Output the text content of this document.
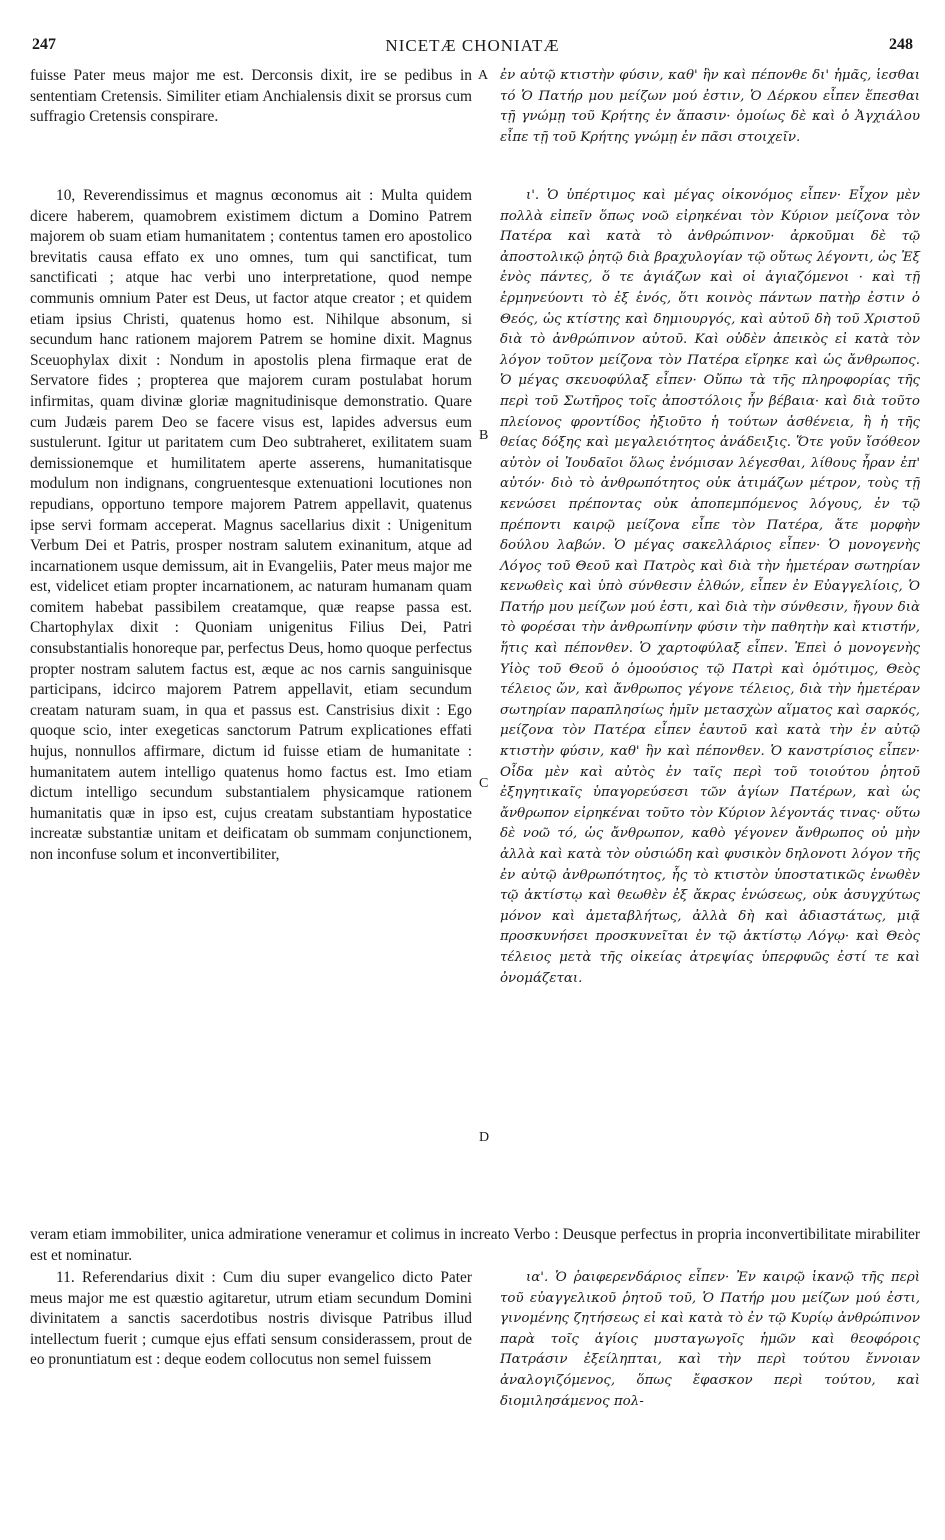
247	NICETÆ CHONIATÆ	248
A
B
C
D

fuisse Pater meus major me est. Derconsis dixit, ire se pedibus in sententiam Cretensis. Similiter etiam Anchialensis dixit se prorsus cum suffragio Cretensis conspirare.

10, Reverendissimus et magnus œconomus ait : Multa quidem dicere haberem, quamobrem existimem dictum a Domino Patrem majorem ob suam etiam humanitatem ; contentus tamen ero apostolico brevitatis causa effato ex uno omnes, tum qui sanctificat, tum sanctificati ; atque hac verbi uno interpretatione, quod nempe communis omnium Pater est Deus, ut factor atque creator ; et quidem etiam ipsius Christi, quatenus homo est. Nihilque absonum, si secundum hanc rationem majorem Patrem se homine dixit. Magnus Sceuophylax dixit : Nondum in apostolis plena firmaque erat de Servatore fides ; propterea que majorem curam postulabat horum infirmitas, quam divinæ gloriæ magnitudinisque demonstratio. Quare cum Judæis parem Deo se facere visus est, lapides adversus eum sustulerunt. Igitur ut paritatem cum Deo subtraheret, exilitatem suam demissionemque et humilitatem aperte asserens, humanitatisque modulum non indignans, congruentesque extenuationi locutiones non repudians, opportuno tempore majorem Patrem appellavit, quatenus ipse servi formam acceperat. Magnus sacellarius dixit : Unigenitum Verbum Dei et Patris, prosper nostram salutem exinanitum, atque ad incarnationem usque demissum, ait in Evangeliis, Pater meus major me est, videlicet etiam propter incarnationem, ac naturam humanam quam comitem habebat passibilem creatamque, quæ reapse passa est. Chartophylax dixit : Quoniam unigenitus Filius Dei, Patri consubstantialis honoreque par, perfectus Deus, homo quoque perfectus propter nostram salutem factus est, æque ac nos carnis sanguinisque participans, idcirco majorem Patrem appellavit, etiam secundum creatam naturam suam, in qua et passus est. Canstrisius dixit : Ego quoque scio, inter exegeticas sanctorum Patrum explicationes effati hujus, nonnullos affirmare, dictum id fuisse etiam de humanitate : humanitatem autem intelligo quatenus homo factus est. Imo etiam dictum intelligo secundum substantialem physicamque rationem humanitatis quæ in ipso est, cujus creatam substantiam hypostatice increatæ substantiæ unitam et deificatam ob summam conjunctionem, non inconfuse solum et inconvertibiliter,

ἐν αὐτῷ κτιστὴν φύσιν, καθ' ἣν καὶ πέπονθε δι' ἡμᾶς, ἱεσθαι τό Ὁ Πατήρ μου μείζων μού ἐστιν, Ὁ Δέρκου εἶπεν ἕπεσθαι τῇ γνώμῃ τοῦ Κρήτης ἐν ἅπασιν· ὁμοίως δὲ καὶ ὁ Ἀγχιάλου εἶπε τῇ τοῦ Κρήτης γνώμῃ ἐν πᾶσι στοιχεῖν.

ι'. Ὁ ὑπέρτιμος καὶ μέγας οἰκονόμος εἶπεν· Εἶχον μὲν πολλὰ εἰπεῖν ὅπως νοῶ εἰρηκέναι τὸν Κύριον μείζονα τὸν Πατέρα καὶ κατὰ τὸ ἀνθρώπινον· ἀρκοῦμαι δὲ τῷ ἀποστολικῷ ῥητῷ διὰ βραχυλογίαν τῷ οὕτως λέγοντι, ὡς Ἐξ ἑνὸς πάντες, ὅ τε ἁγιάζων καὶ οἱ ἁγιαζόμενοι · καὶ τῇ ἑρμηνεύοντι τὸ ἐξ ἑνός, ὅτι κοινὸς πάντων πατὴρ ἐστιν ὁ Θεός, ὡς κτίστης καὶ δημιουργός, καὶ αὐτοῦ δὴ τοῦ Χριστοῦ διὰ τὸ ἀνθρώπινον αὐτοῦ. Καὶ οὐδὲν ἀπεικὸς εἰ κατὰ τὸν λόγον τοῦτον μείζονα τὸν Πατέρα εἴρηκε καὶ ὡς ἄνθρωπος. Ὁ μέγας σκευοφύλαξ εἶπεν· Οὔπω τὰ τῆς πληροφορίας τῆς περὶ τοῦ Σωτῆρος τοῖς ἀποστόλοις ἦν βέβαια· καὶ διὰ τοῦτο πλείονος φροντίδος ἠξιοῦτο ἡ τούτων ἀσθένεια, ἢ ἡ τῆς θείας δόξης καὶ μεγαλειότητος ἀνάδειξις. Ὅτε γοῦν ἴσόθεον αὐτὸν οἱ Ἰουδαῖοι ὅλως ἐνόμισαν λέγεσθαι, λίθους ἦραν ἐπ' αὐτόν· διὸ τὸ ἀνθρωπότητος οὐκ ἀτιμάζων μέτρον, τοὺς τῇ κενώσει πρέποντας οὐκ ἀποπεμπόμενος λόγους, ἐν τῷ πρέποντι καιρῷ μείζονα εἶπε τὸν Πατέρα, ἅτε μορφὴν δούλου λαβών. Ὁ μέγας σακελλάριος εἶπεν· Ὁ μονογενὴς Λόγος τοῦ Θεοῦ καὶ Πατρὸς καὶ διὰ τὴν ἡμετέραν σωτηρίαν κενωθεὶς καὶ ὑπὸ σύνθεσιν ἐλθών, εἶπεν ἐν Εὐαγγελίοις, Ὁ Πατήρ μου μείζων μού ἐστι, καὶ διὰ τὴν σύνθεσιν, ἤγουν διὰ τὸ φορέσαι τὴν ἀνθρωπίνην φύσιν τὴν παθητὴν καὶ κτιστήν, ἥτις καὶ πέπονθεν. Ὁ χαρτοφύλαξ εἶπεν. Ἐπεὶ ὁ μονογενὴς Υἱὸς τοῦ Θεοῦ ὁ ὁμοούσιος τῷ Πατρὶ καὶ ὁμότιμος, Θεὸς τέλειος ὤν, καὶ ἄνθρωπος γέγονε τέλειος, διὰ τὴν ἡμετέραν σωτηρίαν παραπλησίως ἡμῖν μετασχὼν αἵματος καὶ σαρκός, μείζονα τὸν Πατέρα εἶπεν ἑαυτοῦ καὶ κατὰ τὴν ἐν αὐτῷ κτιστὴν φύσιν, καθ' ἣν καὶ πέπονθεν. Ὁ κανστρίσιος εἶπεν· Οἶδα μὲν καὶ αὐτὸς ἐν ταῖς περὶ τοῦ τοιούτου ῥητοῦ ἐξηγητικαῖς ὑπαγορεύσεσι τῶν ἁγίων Πατέρων, καὶ ὡς ἄνθρωπον εἰρηκέναι τοῦτο τὸν Κύριον λέγοντάς τινας· οὕτω δὲ νοῶ τό, ὡς ἄνθρωπον, καθὸ γέγονεν ἄνθρωπος οὐ μὴν ἀλλὰ καὶ κατὰ τὸν οὐσιώδη καὶ φυσικὸν δηλονοτι λόγον τῆς ἐν αὐτῷ ἀνθρωπότητος, ἧς τὸ κτιστὸν ὑποστατικῶς ἑνωθὲν τῷ ἀκτίστῳ καὶ θεωθὲν ἐξ ἄκρας ἑνώσεως, οὐκ ἀσυγχύτως μόνον καὶ ἀμεταβλήτως, ἀλλὰ δὴ καὶ ἀδιαστάτως, μιᾷ προσκυνήσει προσκυνεῖται ἐν τῷ ἀκτίστῳ Λόγῳ· καὶ Θεὸς τέλειος μετὰ τῆς οἰκείας ἀτρεψίας ὑπερφυῶς ἐστί τε καὶ ὀνομάζεται.

veram etiam immobiliter, unica admiratione veneramur et colimus in increato Verbo : Deusque perfectus in propria inconvertibilitate mirabiliter est et nominatur.

11. Referendarius dixit : Cum diu super evangelico dicto Pater meus major me est quæstio agitaretur, utrum etiam secundum Domini divinitatem a sanctis sacerdotibus nostris divisque Patribus illud intellectum fuerit ; cumque ejus effati sensum considerassem, prout de eo pronuntiatum est : deque eodem collocutus non semel fuissem

ια'. Ὁ ῥαιφερενδάριος εἶπεν· Ἐν καιρῷ ἱκανῷ τῆς περὶ τοῦ εὐαγγελικοῦ ῥητοῦ τοῦ, Ὁ Πατήρ μου μείζων μού ἐστι, γινομένης ζητήσεως εἰ καὶ κατὰ τὸ ἐν τῷ Κυρίῳ ἀνθρώπινον παρὰ τοῖς ἁγίοις μυσταγωγοῖς ἡμῶν καὶ θεοφόροις Πατράσιν ἐξείληπται, καὶ τὴν περὶ τούτου ἔννοιαν ἀναλογιζόμενος, ὅπως ἔφασκον περὶ τούτου, καὶ διομιλησάμενος πολ-
